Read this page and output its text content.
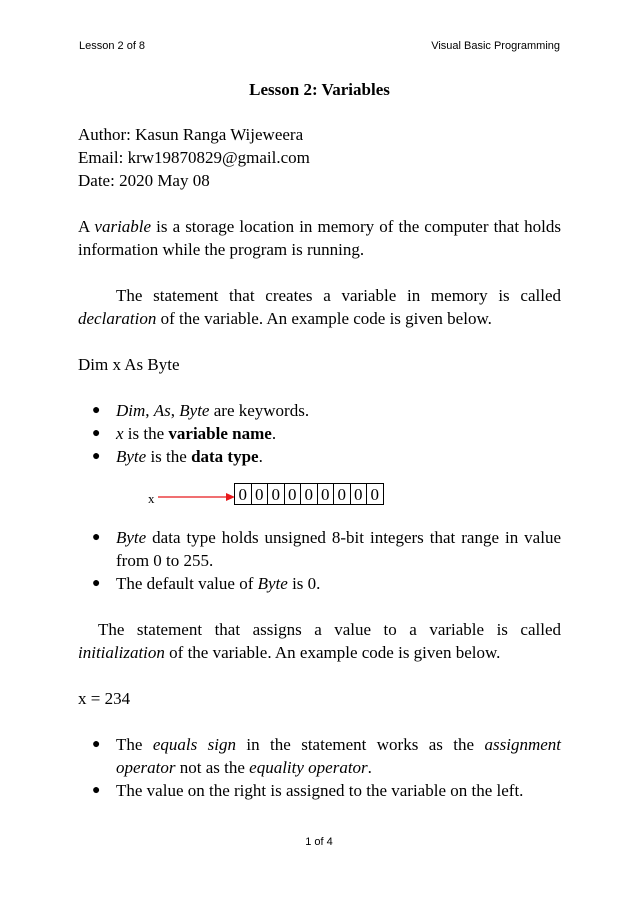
Lesson 2 of 8	Visual Basic Programming

Lesson 2: Variables

Author: Kasun Ranga Wijeweera

Email: krw19870829@gmail.com

Date: 2020 May 08

A variable is a storage location in memory of the computer that holds information while the program is running.

The statement that creates a variable in memory is called declaration of the variable. An example code is given below.

Dim x As Byte

● Dim, As, Byte are keywords.
● x is the variable name.
● Byte is the data type.
x	0 0 0 0 0 0 0 0 0
● Byte data type holds unsigned 8-bit integers that range in value from 0 to 255.
● The default value of Byte is 0.

The statement that assigns a value to a variable is called initialization of the variable. An example code is given below.

x = 234

● The equals sign in the statement works as the assignment operator not as the equality operator.
● The value on the right is assigned to the variable on the left.
1 of 4
